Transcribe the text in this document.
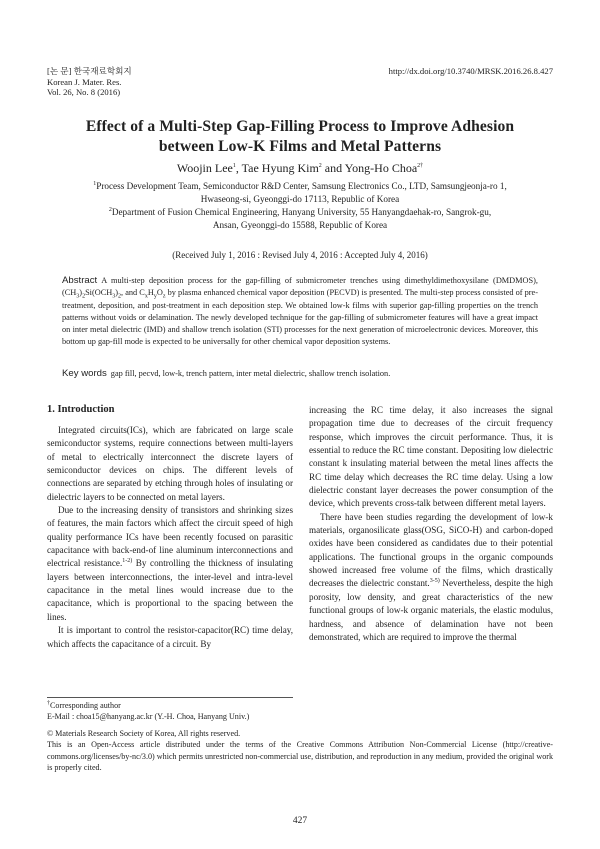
[논 문] 한국재료학회지
Korean J. Mater. Res.
Vol. 26, No. 8 (2016)
http://dx.doi.org/10.3740/MRSK.2016.26.8.427
Effect of a Multi-Step Gap-Filling Process to Improve Adhesion
between Low-K Films and Metal Patterns
Woojin Lee$^1$, Tae Hyung Kim$^2$ and Yong-Ho Choa$^{2\dagger}$
$^1$Process Development Team, Semiconductor R&D Center, Samsung Electronics Co., LTD, Samsungjeonja-ro 1,
Hwaseong-si, Gyeonggi-do 17113, Republic of Korea
$^2$Department of Fusion Chemical Engineering, Hanyang University, 55 Hanyangdaehak-ro, Sangrok-gu,
Ansan, Gyeonggi-do 15588, Republic of Korea
(Received July 1, 2016 : Revised July 4, 2016 : Accepted July 4, 2016)
Abstract A multi-step deposition process for the gap-filling of submicrometer trenches using dimethyldimethoxysilane (DMDMOS), $(CH_3)_2Si(OCH_3)_2$, and $C_xH_yO_z$ by plasma enhanced chemical vapor deposition (PECVD) is presented. The multi-step process consisted of pre-treatment, deposition, and post-treatment in each deposition step. We obtained low-k films with superior gap-filling properties on the trench patterns without voids or delamination. The newly developed technique for the gap-filling of submicrometer features will have a great impact on inter metal dielectric (IMD) and shallow trench isolation (STI) processes for the next generation of microelectronic devices. Moreover, this bottom up gap-fill mode is expected to be universally for other chemical vapor deposition systems.
Key words gap fill, pecvd, low-k, trench pattern, inter metal dielectric, shallow trench isolation.
1. Introduction

Integrated circuits(ICs), which are fabricated on large scale semiconductor systems, require connections between multi-layers of metal to electrically interconnect the discrete layers of semiconductor devices on chips. The different levels of connections are separated by etching through holes of insulating or dielectric layers to be connected on metal layers.

Due to the increasing density of transistors and shrinking sizes of features, the main factors which affect the circuit speed of high quality performance ICs have been recently focused on parasitic capacitance with back-end-of line aluminum interconnections and electrical resistance.$^{1-2)}$ By controlling the thickness of insulating layers between interconnections, the inter-level and intra-level capacitance in the metal lines would increase due to the capacitance, which is proportional to the spacing between the lines.

It is important to control the resistor-capacitor(RC) time delay, which affects the capacitance of a circuit. By

increasing the RC time delay, it also increases the signal propagation time due to decreases of the circuit frequency response, which improves the circuit performance. Thus, it is essential to reduce the RC time constant. Depositing low dielectric constant k insulating material between the metal lines affects the RC time delay which decreases the RC time delay. Using a low dielectric constant layer decreases the power consumption of the device, which prevents cross-talk between different metal layers.

There have been studies regarding the development of low-k materials, organosilicate glass(OSG, SiCO-H) and carbon-doped oxides have been considered as candidates due to their potential applications. The functional groups in the organic compounds showed increased free volume of the films, which drastically decreases the dielectric constant.$^{3-5)}$ Nevertheless, despite the high porosity, low density, and great characteristics of the new functional groups of low-k organic materials, the elastic modulus, hardness, and absence of delamination have not been demonstrated, which are required to improve the thermal

†Corresponding author
E-Mail : choa15@hanyang.ac.kr (Y.-H. Choa, Hanyang Univ.)
© Materials Research Society of Korea, All rights reserved.
This is an Open-Access article distributed under the terms of the Creative Commons Attribution Non-Commercial License (http://creative-commons.org/licenses/by-nc/3.0) which permits unrestricted non-commercial use, distribution, and reproduction in any medium, provided the original work is properly cited.
427
